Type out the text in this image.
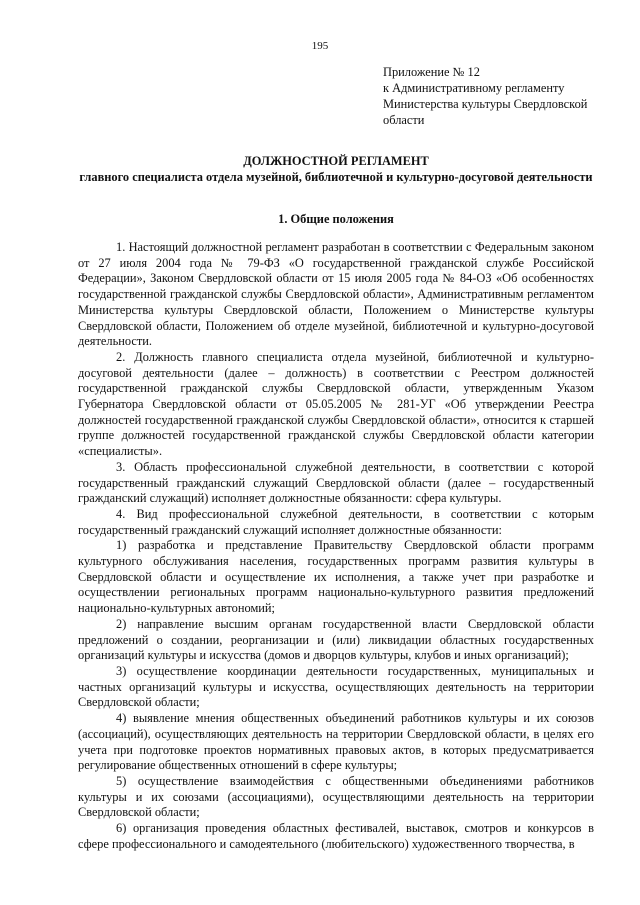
195
Приложение № 12
к Административному регламенту
Министерства культуры Свердловской
области
ДОЛЖНОСТНОЙ РЕГЛАМЕНТ
главного специалиста отдела музейной, библиотечной и культурно-досуговой деятельности
1. Общие положения

1. Настоящий должностной регламент разработан в соответствии с Федеральным законом от 27 июля 2004 года № 79-ФЗ «О государственной гражданской службе Российской Федерации», Законом Свердловской области от 15 июля 2005 года № 84-ОЗ «Об особенностях государственной гражданской службы Свердловской области», Административным регламентом Министерства культуры Свердловской области, Положением о Министерстве культуры Свердловской области, Положением об отделе музейной, библиотечной и культурно-досуговой деятельности.

2. Должность главного специалиста отдела музейной, библиотечной и культурно-досуговой деятельности (далее – должность) в соответствии с Реестром должностей государственной гражданской службы Свердловской области, утвержденным Указом Губернатора Свердловской области от 05.05.2005 № 281-УГ «Об утверждении Реестра должностей государственной гражданской службы Свердловской области», относится к старшей группе должностей государственной гражданской службы Свердловской области категории «специалисты».

3. Область профессиональной служебной деятельности, в соответствии с которой государственный гражданский служащий Свердловской области (далее – государственный гражданский служащий) исполняет должностные обязанности: сфера культуры.

4. Вид профессиональной служебной деятельности, в соответствии с которым государственный гражданский служащий исполняет должностные обязанности:

1) разработка и представление Правительству Свердловской области программ культурного обслуживания населения, государственных программ развития культуры в Свердловской области и осуществление их исполнения, а также учет при разработке и осуществлении региональных программ национально-культурного развития предложений национально-культурных автономий;

2) направление высшим органам государственной власти Свердловской области предложений о создании, реорганизации и (или) ликвидации областных государственных организаций культуры и искусства (домов и дворцов культуры, клубов и иных организаций);

3) осуществление координации деятельности государственных, муниципальных и частных организаций культуры и искусства, осуществляющих деятельность на территории Свердловской области;

4) выявление мнения общественных объединений работников культуры и их союзов (ассоциаций), осуществляющих деятельность на территории Свердловской области, в целях его учета при подготовке проектов нормативных правовых актов, в которых предусматривается регулирование общественных отношений в сфере культуры;

5) осуществление взаимодействия с общественными объединениями работников культуры и их союзами (ассоциациями), осуществляющими деятельность на территории Свердловской области;

6) организация проведения областных фестивалей, выставок, смотров и конкурсов в сфере профессионального и самодеятельного (любительского) художественного творчества, в
